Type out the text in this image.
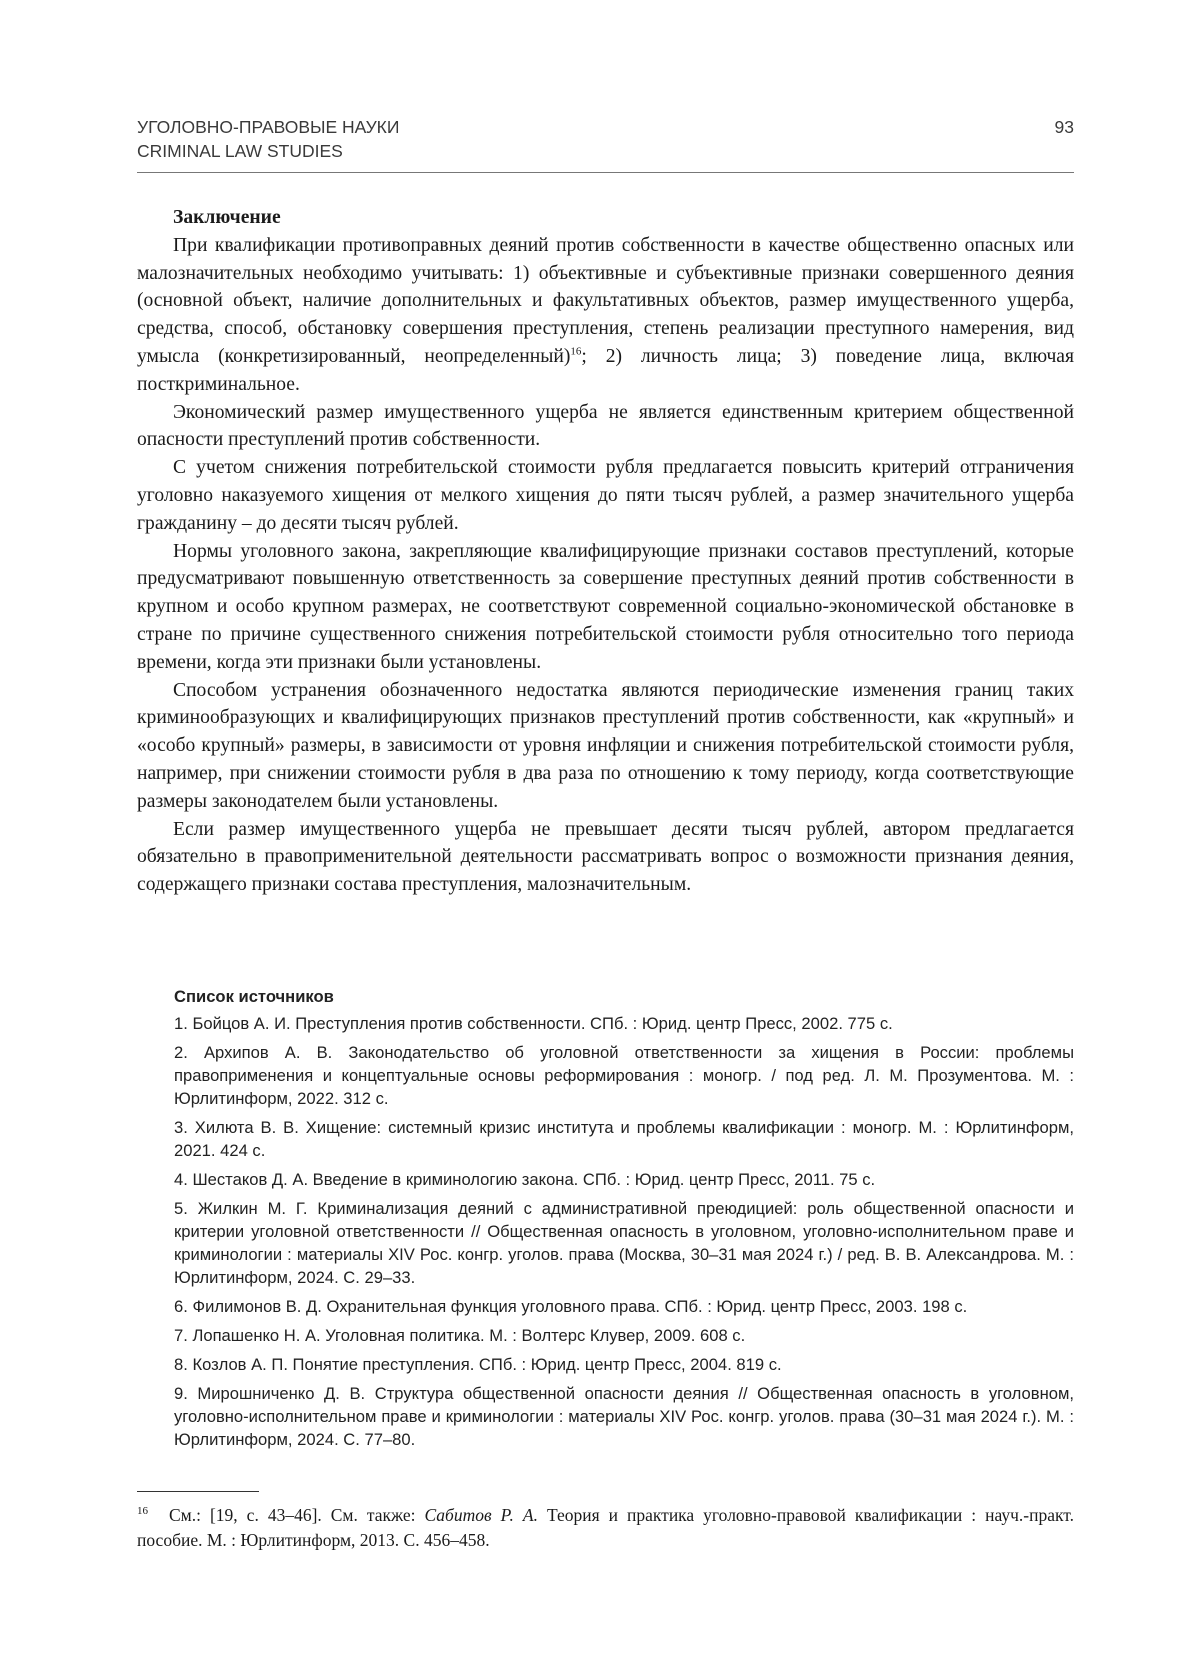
УГОЛОВНО-ПРАВОВЫЕ НАУКИ
CRIMINAL LAW STUDIES
93

Заключение

При квалификации противоправных деяний против собственности в качестве общественно опасных или малозначительных необходимо учитывать: 1) объективные и субъективные признаки совершенного деяния (основной объект, наличие дополнительных и факультативных объектов, размер имущественного ущерба, средства, способ, обстановку совершения преступления, степень реализации преступного намерения, вид умысла (конкретизированный, неопределенный)$^{16}$; 2) личность лица; 3) поведение лица, включая посткриминальное.

Экономический размер имущественного ущерба не является единственным критерием общественной опасности преступлений против собственности.

С учетом снижения потребительской стоимости рубля предлагается повысить критерий отграничения уголовно наказуемого хищения от мелкого хищения до пяти тысяч рублей, а размер значительного ущерба гражданину – до десяти тысяч рублей.

Нормы уголовного закона, закрепляющие квалифицирующие признаки составов преступлений, которые предусматривают повышенную ответственность за совершение преступных деяний против собственности в крупном и особо крупном размерах, не соответствуют современной социально-экономической обстановке в стране по причине существенного снижения потребительской стоимости рубля относительно того периода времени, когда эти признаки были установлены.

Способом устранения обозначенного недостатка являются периодические изменения границ таких криминообразующих и квалифицирующих признаков преступлений против собственности, как «крупный» и «особо крупный» размеры, в зависимости от уровня инфляции и снижения потребительской стоимости рубля, например, при снижении стоимости рубля в два раза по отношению к тому периоду, когда соответствующие размеры законодателем были установлены.

Если размер имущественного ущерба не превышает десяти тысяч рублей, автором предлагается обязательно в правоприменительной деятельности рассматривать вопрос о возможности признания деяния, содержащего признаки состава преступления, малозначительным.

Список источников

1. Бойцов А. И. Преступления против собственности. СПб. : Юрид. центр Пресс, 2002. 775 с.

2. Архипов А. В. Законодательство об уголовной ответственности за хищения в России: проблемы правоприменения и концептуальные основы реформирования : моногр. / под ред. Л. М. Прозументова. М. : Юрлитинформ, 2022. 312 с.

3. Хилюта В. В. Хищение: системный кризис института и проблемы квалификации : моногр. М. : Юрлитинформ, 2021. 424 с.

4. Шестаков Д. А. Введение в криминологию закона. СПб. : Юрид. центр Пресс, 2011. 75 с.

5. Жилкин М. Г. Криминализация деяний с административной преюдицией: роль общественной опасности и критерии уголовной ответственности // Общественная опасность в уголовном, уголовно-исполнительном праве и криминологии : материалы XIV Рос. конгр. уголов. права (Москва, 30–31 мая 2024 г.) / ред. В. В. Александрова. М. : Юрлитинформ, 2024. С. 29–33.

6. Филимонов В. Д. Охранительная функция уголовного права. СПб. : Юрид. центр Пресс, 2003. 198 с.

7. Лопашенко Н. А. Уголовная политика. М. : Волтерс Клувер, 2009. 608 с.

8. Козлов А. П. Понятие преступления. СПб. : Юрид. центр Пресс, 2004. 819 с.

9. Мирошниченко Д. В. Структура общественной опасности деяния // Общественная опасность в уголовном, уголовно-исполнительном праве и криминологии : материалы XIV Рос. конгр. уголов. права (30–31 мая 2024 г.). М. : Юрлитинформ, 2024. С. 77–80.

16 См.: [19, с. 43–46]. См. также: Сабитов Р. А. Теория и практика уголовно-правовой квалификации : науч.-практ. пособие. М. : Юрлитинформ, 2013. С. 456–458.
